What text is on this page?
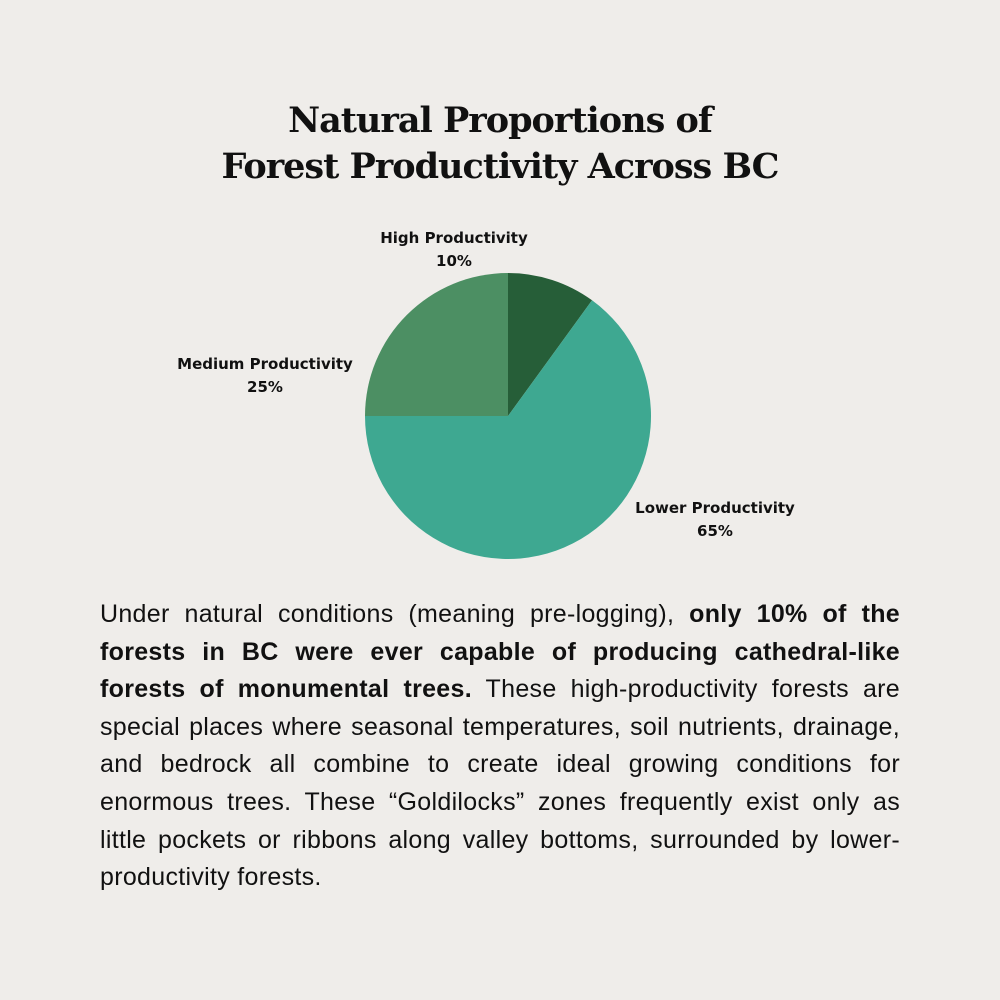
Natural Proportions of
Forest Productivity Across BC
High Productivity
10%
Lower Productivity
65%
Medium Productivity
25%

Under natural conditions (meaning pre-logging), only 10% of the forests in BC were ever capable of producing cathedral-like forests of monumental trees. These high-productivity forests are special places where seasonal temperatures, soil nutrients, drainage, and bedrock all combine to create ideal growing conditions for enormous trees. These “Goldilocks” zones frequently exist only as little pockets or ribbons along valley bottoms, surrounded by lower-productivity forests.
